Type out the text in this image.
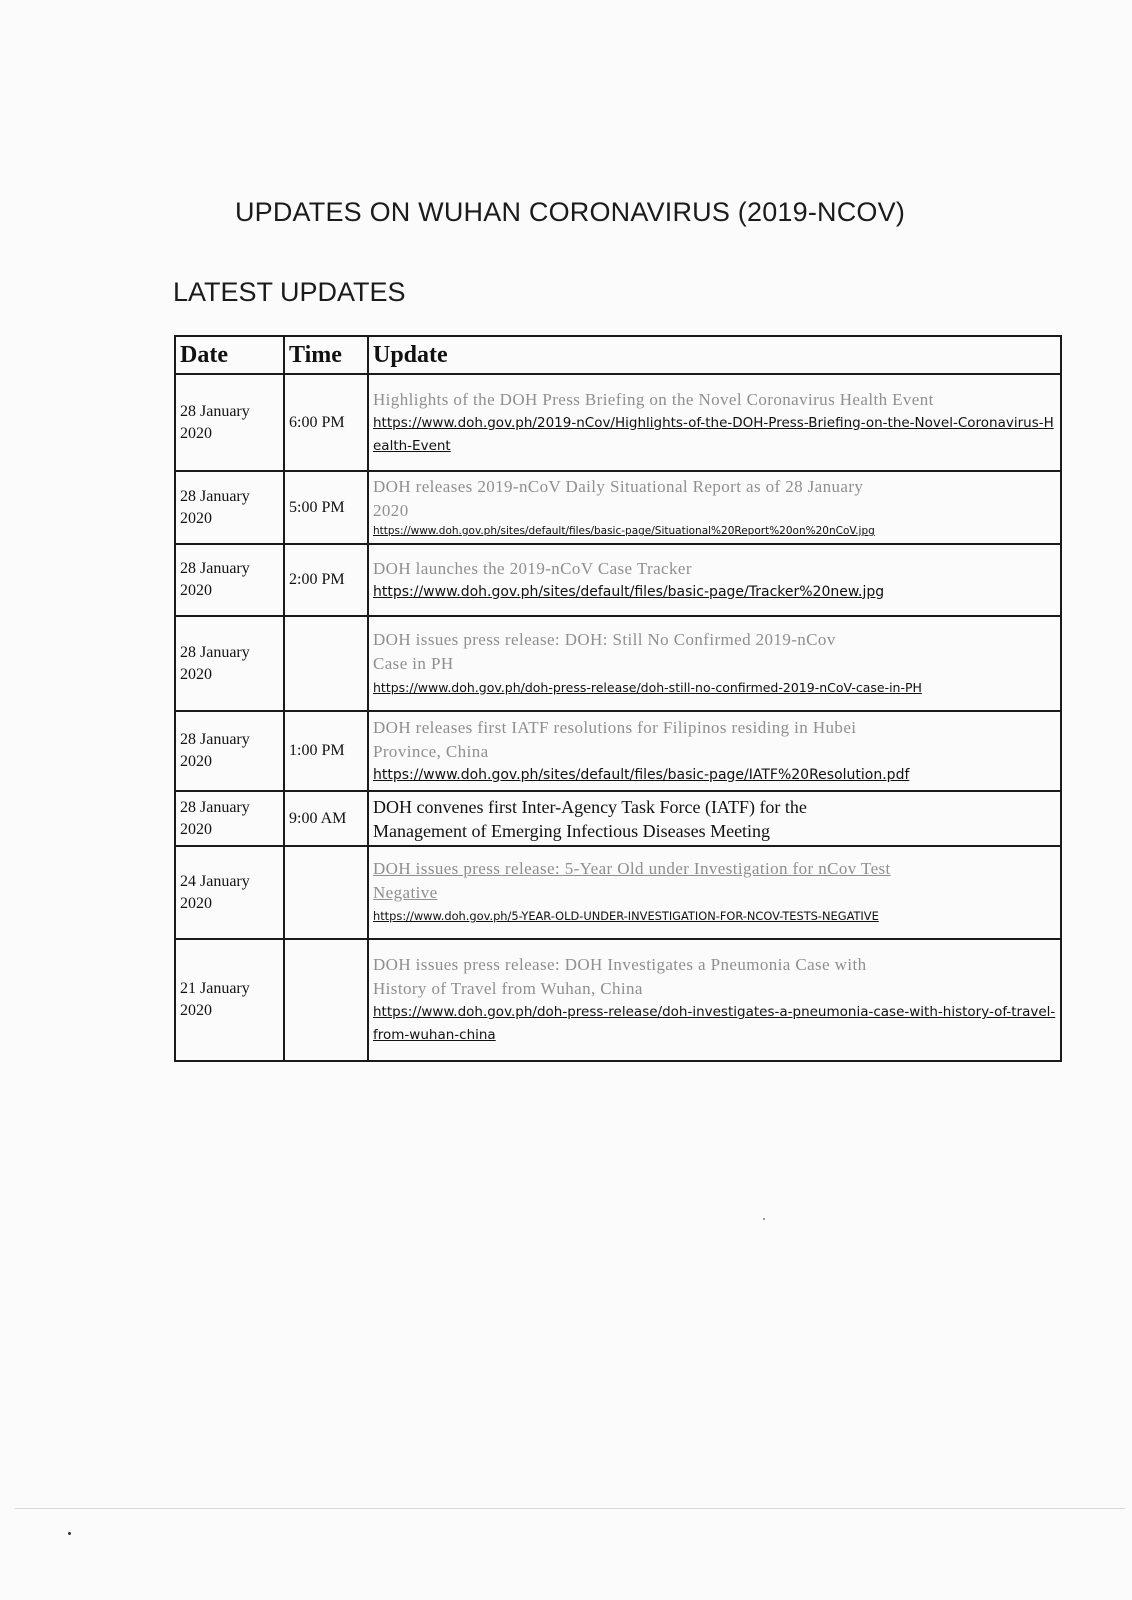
UPDATES ON WUHAN CORONAVIRUS (2019-NCOV)
LATEST UPDATES
Date	Time	Update
28 January 2020	6:00 PM	Highlights of the DOH Press Briefing on the Novel Coronavirus Health Event
https://www.doh.gov.ph/2019-nCov/Highlights-of-the-DOH-Press-Briefing-on-the-Novel-Coronavirus-Health-Event

28 January 2020	5:00 PM	DOH releases 2019-nCoV Daily Situational Report as of 28 January 2020
https://www.doh.gov.ph/sites/default/files/basic-page/Situational%20Report%20on%20nCoV.jpg

28 January 2020	2:00 PM	DOH launches the 2019-nCoV Case Tracker
https://www.doh.gov.ph/sites/default/files/basic-page/Tracker%20new.jpg

28 January 2020		DOH issues press release: DOH: Still No Confirmed 2019-nCov Case in PH
https://www.doh.gov.ph/doh-press-release/doh-still-no-confirmed-2019-nCoV-case-in-PH

28 January 2020	1:00 PM	DOH releases first IATF resolutions for Filipinos residing in Hubei Province, China
https://www.doh.gov.ph/sites/default/files/basic-page/IATF%20Resolution.pdf

28 January 2020	9:00 AM	DOH convenes first Inter-Agency Task Force (IATF) for the Management of Emerging Infectious Diseases Meeting

24 January 2020		DOH issues press release: 5-Year Old under Investigation for nCov Test Negative
https://www.doh.gov.ph/5-YEAR-OLD-UNDER-INVESTIGATION-FOR-NCOV-TESTS-NEGATIVE

21 January 2020		DOH issues press release: DOH Investigates a Pneumonia Case with History of Travel from Wuhan, China
https://www.doh.gov.ph/doh-press-release/doh-investigates-a-pneumonia-case-with-history-of-travel-from-wuhan-china
